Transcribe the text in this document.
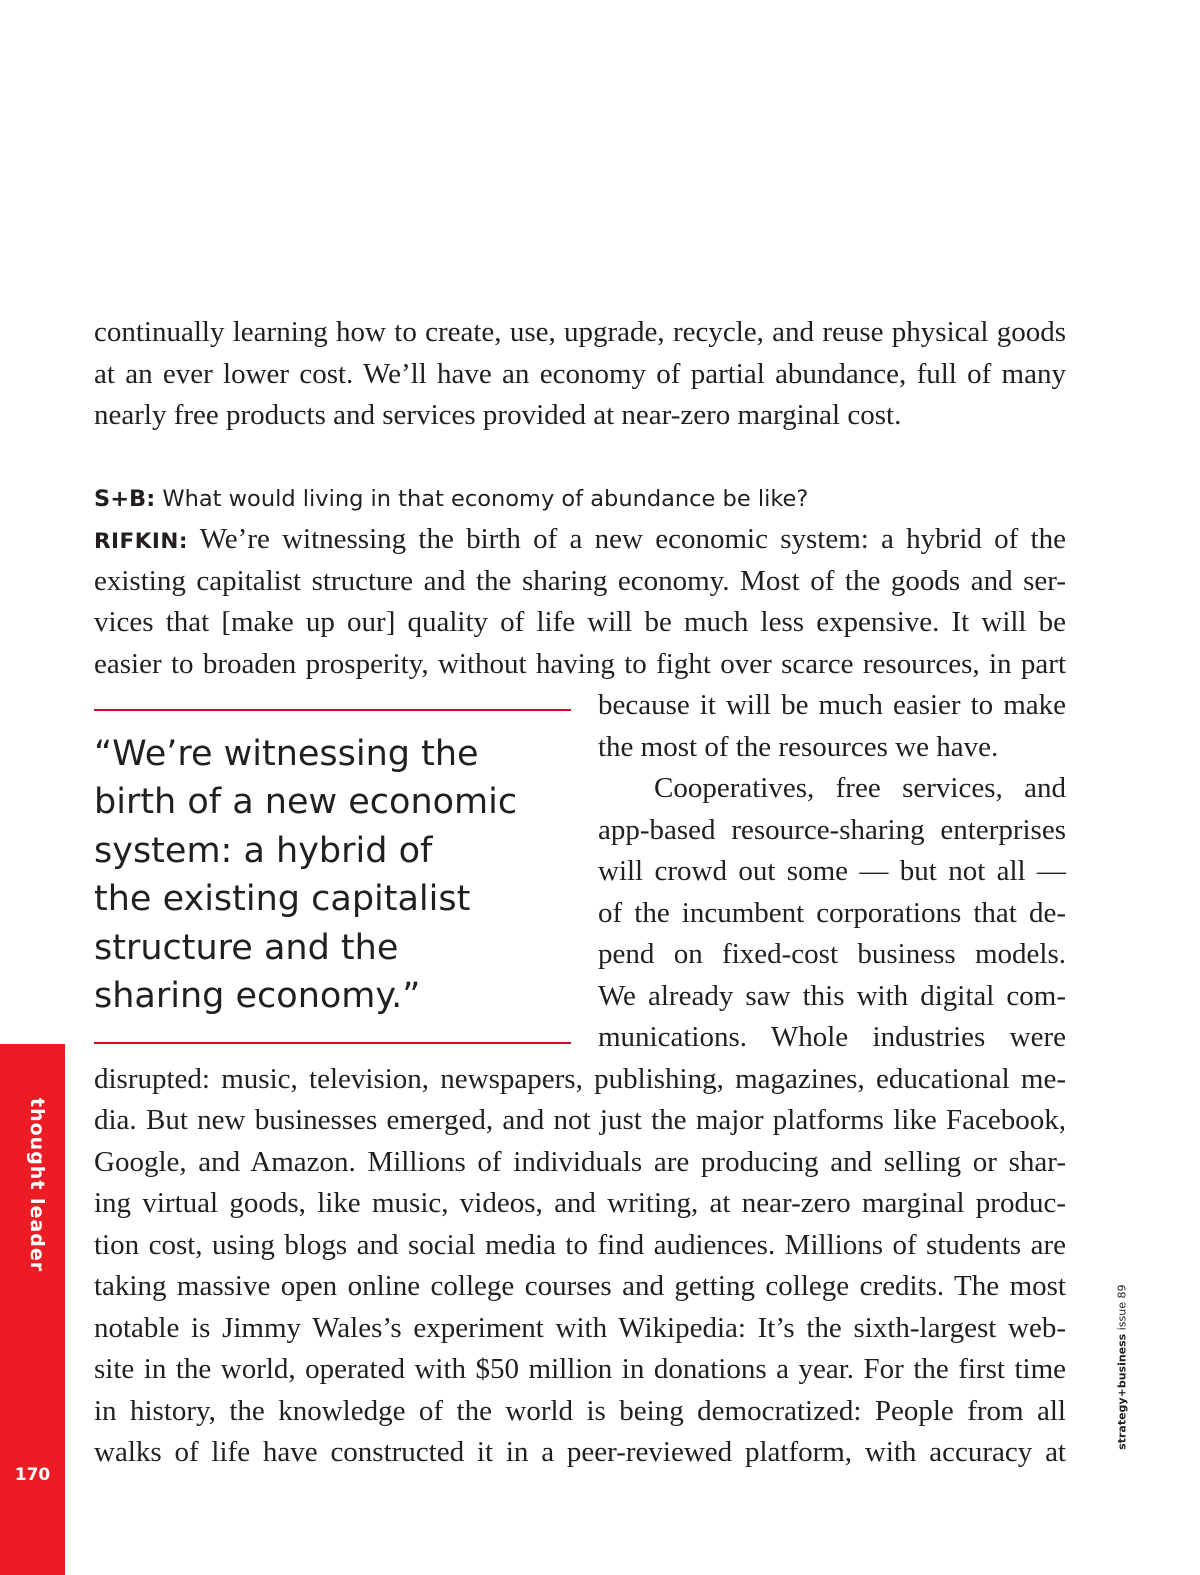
continually learning how to create, use, upgrade, recycle, and reuse physical goods
at an ever lower cost. We’ll have an economy of partial abundance, full of many
nearly free products and services provided at near-zero marginal cost.
S+B: What would living in that economy of abundance be like?
RIFKIN: We’re witnessing the birth of a new economic system: a hybrid of the
existing capitalist structure and the sharing economy. Most of the goods and ser-
vices that [make up our] quality of life will be much less expensive. It will be
easier to broaden prosperity, without having to fight over scarce resources, in part
“We’re witnessing the
birth of a new economic
system: a hybrid of
the existing capitalist
structure and the
sharing economy.”
because it will be much easier to make
the most of the resources we have.
Cooperatives, free services, and
app-based resource-sharing enterprises
will crowd out some — but not all —
of the incumbent corporations that de-
pend on fixed-cost business models.
We already saw this with digital com-
munications. Whole industries were
disrupted: music, television, newspapers, publishing, magazines, educational me-
dia. But new businesses emerged, and not just the major platforms like Facebook,
Google, and Amazon. Millions of individuals are producing and selling or shar-
ing virtual goods, like music, videos, and writing, at near-zero marginal produc-
tion cost, using blogs and social media to find audiences. Millions of students are
taking massive open online college courses and getting college credits. The most
notable is Jimmy Wales’s experiment with Wikipedia: It’s the sixth-largest web-
site in the world, operated with $50 million in donations a year. For the first time
in history, the knowledge of the world is being democratized: People from all
walks of life have constructed it in a peer-reviewed platform, with accuracy at
thought leader
170
strategy+business issue 89
